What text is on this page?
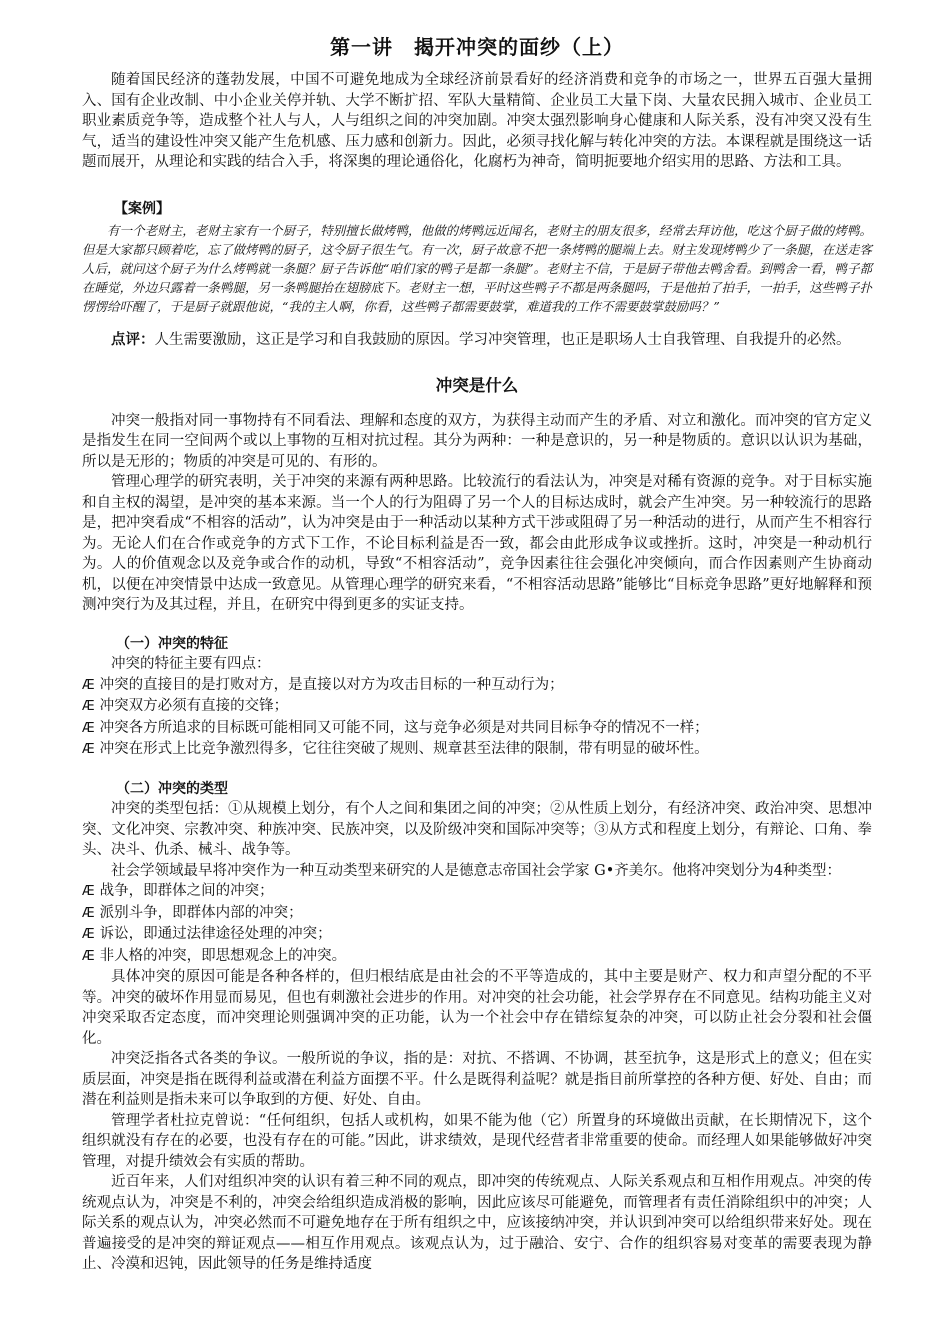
第一讲　揭开冲突的面纱（上）

随着国民经济的蓬勃发展，中国不可避免地成为全球经济前景看好的经济消费和竞争的市场之一，世界五百强大量拥入、国有企业改制、中小企业关停并轨、大学不断扩招、军队大量精简、企业员工大量下岗、大量农民拥入城市、企业员工职业素质竞争等，造成整个社人与人，人与组织之间的冲突加剧。冲突太强烈影响身心健康和人际关系，没有冲突又没有生气，适当的建设性冲突又能产生危机感、压力感和创新力。因此，必须寻找化解与转化冲突的方法。本课程就是围绕这一话题而展开，从理论和实践的结合入手，将深奥的理论通俗化，化腐朽为神奇，简明扼要地介绍实用的思路、方法和工具。

【案例】

有一个老财主，老财主家有一个厨子，特别擅长做烤鸭，他做的烤鸭远近闻名，老财主的朋友很多，经常去拜访他，吃这个厨子做的烤鸭。但是大家都只顾着吃，忘了做烤鸭的厨子，这令厨子很生气。有一次，厨子故意不把一条烤鸭的腿端上去。财主发现烤鸭少了一条腿，在送走客人后，就问这个厨子为什么烤鸭就一条腿？厨子告诉他“咱们家的鸭子是都一条腿”。老财主不信，于是厨子带他去鸭舍看。到鸭舍一看，鸭子都在睡觉，外边只露着一条鸭腿，另一条鸭腿抬在翅膀底下。老财主一想，平时这些鸭子不都是两条腿吗，于是他拍了拍手，一拍手，这些鸭子扑愣愣给吓醒了，于是厨子就跟他说，“我的主人啊，你看，这些鸭子都需要鼓掌，难道我的工作不需要鼓掌鼓励吗？”

点评：人生需要激励，这正是学习和自我鼓励的原因。学习冲突管理，也正是职场人士自我管理、自我提升的必然。

冲突是什么

冲突一般指对同一事物持有不同看法、理解和态度的双方，为获得主动而产生的矛盾、对立和激化。而冲突的官方定义是指发生在同一空间两个或以上事物的互相对抗过程。其分为两种：一种是意识的，另一种是物质的。意识以认识为基础，所以是无形的；物质的冲突是可见的、有形的。

管理心理学的研究表明，关于冲突的来源有两种思路。比较流行的看法认为，冲突是对稀有资源的竞争。对于目标实施和自主权的渴望，是冲突的基本来源。当一个人的行为阻碍了另一个人的目标达成时，就会产生冲突。另一种较流行的思路是，把冲突看成“不相容的活动”，认为冲突是由于一种活动以某种方式干涉或阻碍了另一种活动的进行，从而产生不相容行为。无论人们在合作或竞争的方式下工作，不论目标利益是否一致，都会由此形成争议或挫折。这时，冲突是一种动机行为。人的价值观念以及竞争或合作的动机，导致“不相容活动”，竞争因素往往会强化冲突倾向，而合作因素则产生协商动机，以便在冲突情景中达成一致意见。从管理心理学的研究来看，“不相容活动思路”能够比“目标竞争思路”更好地解释和预测冲突行为及其过程，并且，在研究中得到更多的实证支持。

（一）冲突的特征

冲突的特征主要有四点：

Æ 冲突的直接目的是打败对方，是直接以对方为攻击目标的一种互动行为；
Æ 冲突双方必须有直接的交锋；
Æ 冲突各方所追求的目标既可能相同又可能不同，这与竞争必须是对共同目标争夺的情况不一样；
Æ 冲突在形式上比竞争激烈得多，它往往突破了规则、规章甚至法律的限制，带有明显的破坏性。
（二）冲突的类型

冲突的类型包括：①从规模上划分，有个人之间和集团之间的冲突；②从性质上划分，有经济冲突、政治冲突、思想冲突、文化冲突、宗教冲突、种族冲突、民族冲突，以及阶级冲突和国际冲突等；③从方式和程度上划分，有辩论、口角、拳头、决斗、仇杀、械斗、战争等。

社会学领域最早将冲突作为一种互动类型来研究的人是德意志帝国社会学家 G•齐美尔。他将冲突划分为4种类型：

Æ 战争，即群体之间的冲突；
Æ 派别斗争，即群体内部的冲突；
Æ 诉讼，即通过法律途径处理的冲突；
Æ 非人格的冲突，即思想观念上的冲突。

具体冲突的原因可能是各种各样的，但归根结底是由社会的不平等造成的，其中主要是财产、权力和声望分配的不平等。冲突的破坏作用显而易见，但也有刺激社会进步的作用。对冲突的社会功能，社会学界存在不同意见。结构功能主义对冲突采取否定态度，而冲突理论则强调冲突的正功能，认为一个社会中存在错综复杂的冲突，可以防止社会分裂和社会僵化。

冲突泛指各式各类的争议。一般所说的争议，指的是：对抗、不搭调、不协调，甚至抗争，这是形式上的意义；但在实质层面，冲突是指在既得利益或潜在利益方面摆不平。什么是既得利益呢？就是指目前所掌控的各种方便、好处、自由；而潜在利益则是指未来可以争取到的方便、好处、自由。

管理学者杜拉克曾说：“任何组织，包括人或机构，如果不能为他（它）所置身的环境做出贡献，在长期情况下，这个组织就没有存在的必要，也没有存在的可能。”因此，讲求绩效，是现代经营者非常重要的使命。而经理人如果能够做好冲突管理，对提升绩效会有实质的帮助。

近百年来，人们对组织冲突的认识有着三种不同的观点，即冲突的传统观点、人际关系观点和互相作用观点。冲突的传统观点认为，冲突是不利的，冲突会给组织造成消极的影响，因此应该尽可能避免，而管理者有责任消除组织中的冲突；人际关系的观点认为，冲突必然而不可避免地存在于所有组织之中，应该接纳冲突，并认识到冲突可以给组织带来好处。现在普遍接受的是冲突的辩证观点——相互作用观点。该观点认为，过于融洽、安宁、合作的组织容易对变革的需要表现为静止、冷漠和迟钝，因此领导的任务是维持适度
